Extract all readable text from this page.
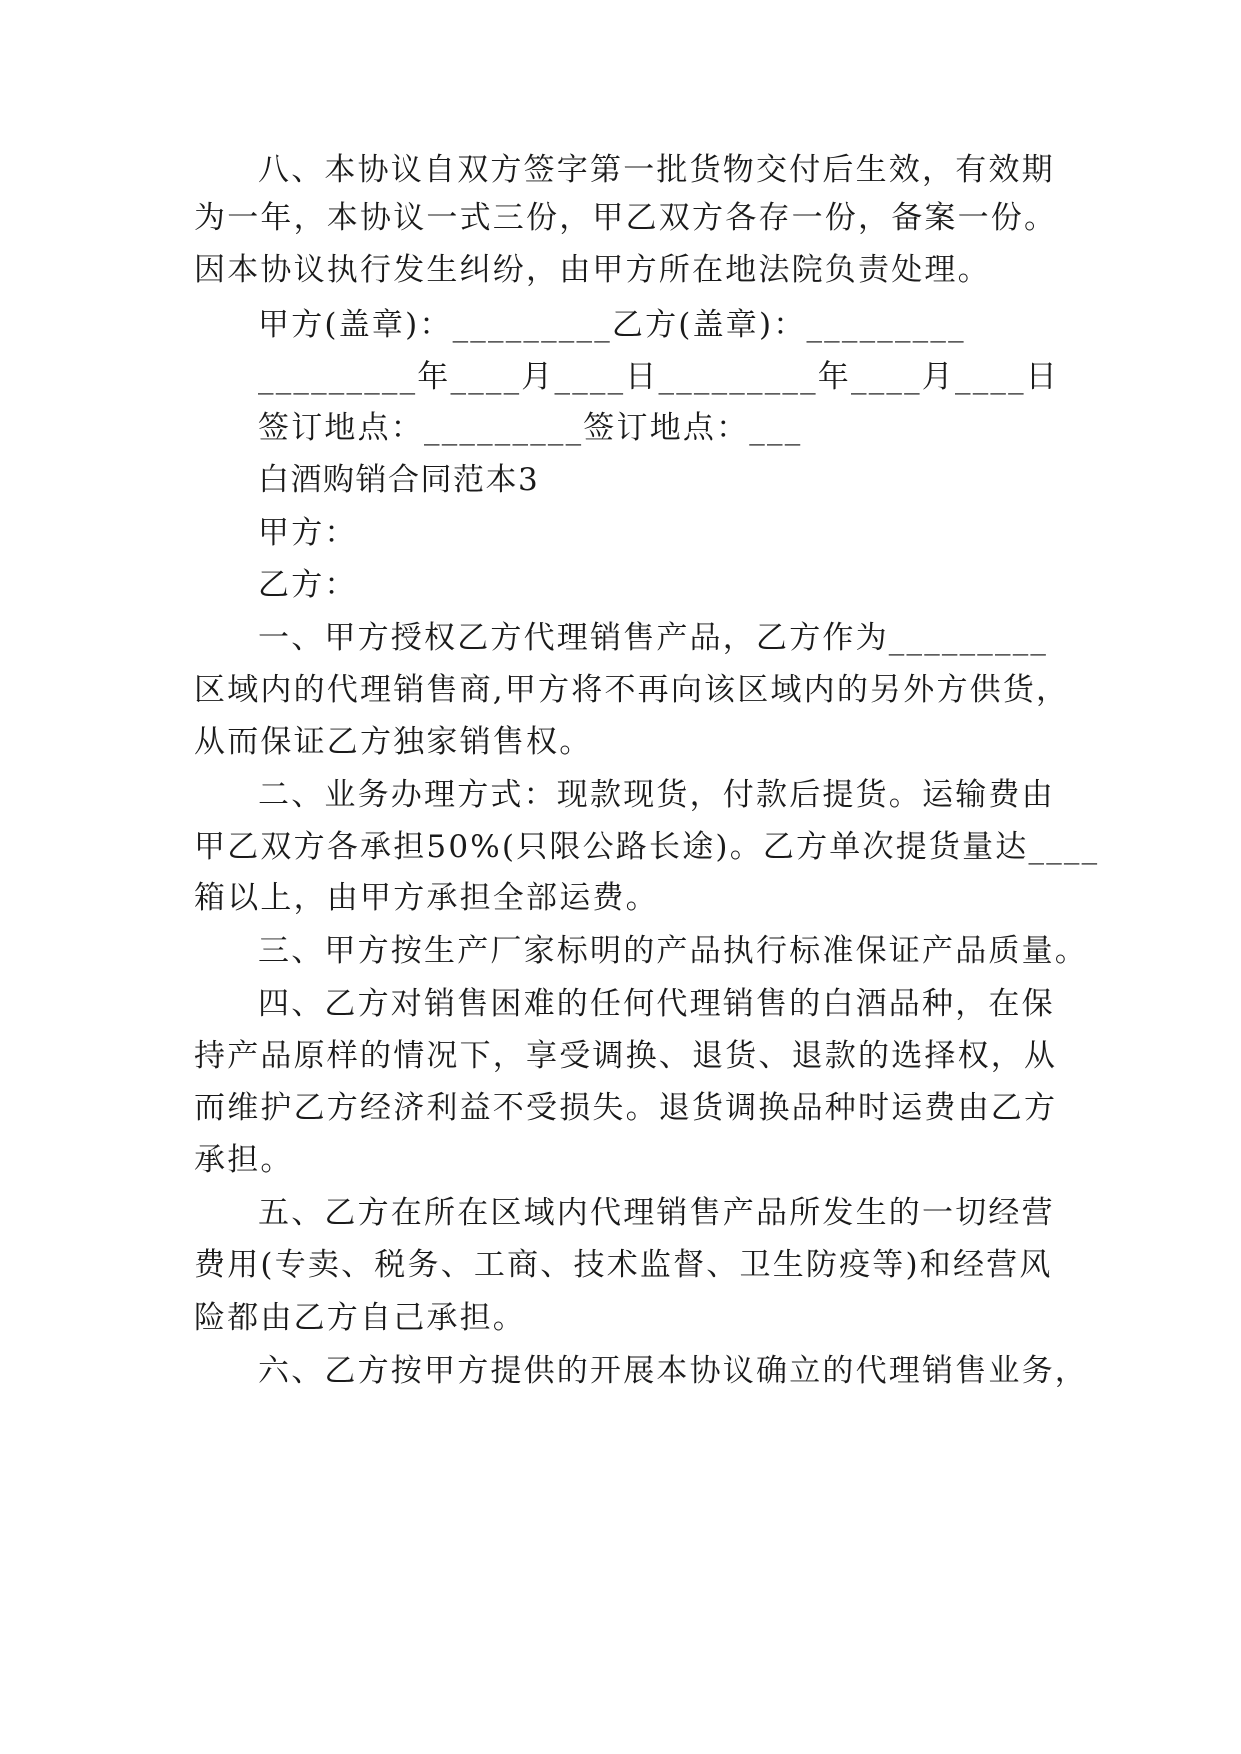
八、本协议自双方签字第一批货物交付后生效，有效期

为一年，本协议一式三份，甲乙双方各存一份，备案一份。

因本协议执行发生纠纷，由甲方所在地法院负责处理。

甲方(盖章)：_________乙方(盖章)：_________

_________年____月____日_________年____月____日

签订地点：_________签订地点：___

白酒购销合同范本3

甲方：

乙方：

一、甲方授权乙方代理销售产品，乙方作为_________

区域内的代理销售商,甲方将不再向该区域内的另外方供货，

从而保证乙方独家销售权。

二、业务办理方式：现款现货，付款后提货。运输费由

甲乙双方各承担50%(只限公路长途)。乙方单次提货量达____

箱以上，由甲方承担全部运费。

三、甲方按生产厂家标明的产品执行标准保证产品质量。

四、乙方对销售困难的任何代理销售的白酒品种，在保

持产品原样的情况下，享受调换、退货、退款的选择权，从

而维护乙方经济利益不受损失。退货调换品种时运费由乙方

承担。

五、乙方在所在区域内代理销售产品所发生的一切经营

费用(专卖、税务、工商、技术监督、卫生防疫等)和经营风

险都由乙方自己承担。

六、乙方按甲方提供的开展本协议确立的代理销售业务，
